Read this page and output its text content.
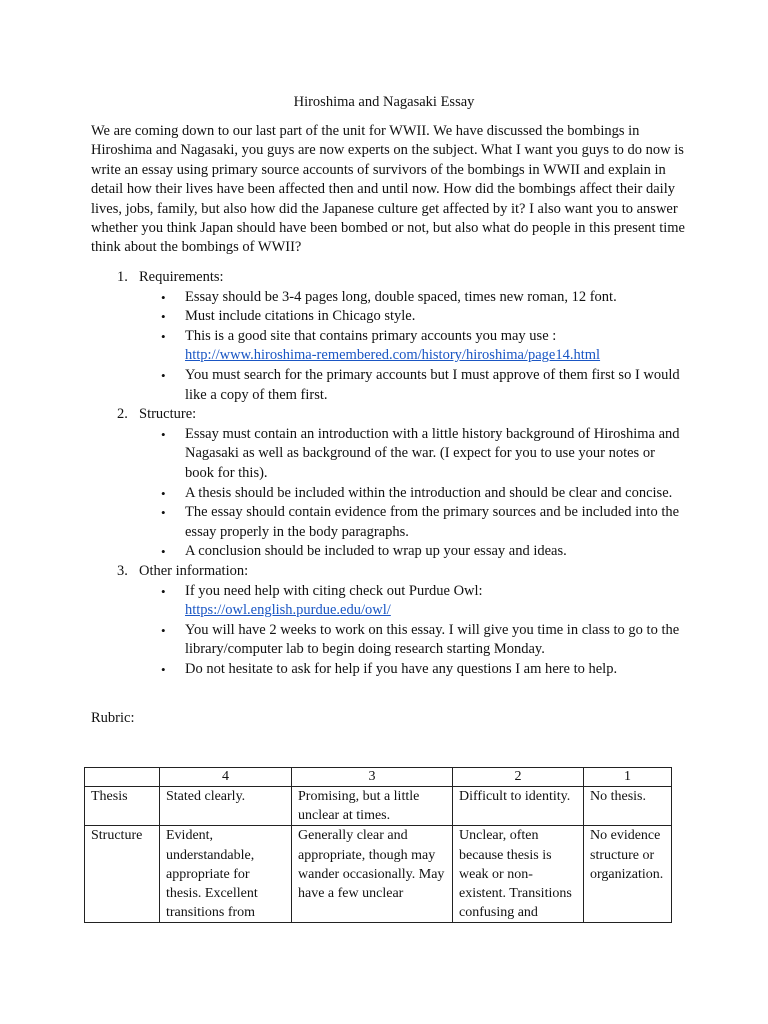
Hiroshima and Nagasaki Essay

We are coming down to our last part of the unit for WWII. We have discussed the bombings in Hiroshima and Nagasaki, you guys are now experts on the subject. What I want you guys to do now is write an essay using primary source accounts of survivors of the bombings in WWII and explain in detail how their lives have been affected then and until now. How did the bombings affect their daily lives, jobs, family, but also how did the Japanese culture get affected by it? I also want you to answer whether you think Japan should have been bombed or not, but also what do people in this present time think about the bombings of WWII?

1. Requirements:
• Essay should be 3-4 pages long, double spaced, times new roman, 12 font.
• Must include citations in Chicago style.
• This is a good site that contains primary accounts you may use :
http://www.hiroshima-remembered.com/history/hiroshima/page14.html
• You must search for the primary accounts but I must approve of them first so I would like a copy of them first.
2. Structure:
• Essay must contain an introduction with a little history background of Hiroshima and Nagasaki as well as background of the war. (I expect for you to use your notes or book for this).
• A thesis should be included within the introduction and should be clear and concise.
• The essay should contain evidence from the primary sources and be included into the essay properly in the body paragraphs.
• A conclusion should be included to wrap up your essay and ideas.
3. Other information:
• If you need help with citing check out Purdue Owl:
https://owl.english.purdue.edu/owl/
• You will have 2 weeks to work on this essay. I will give you time in class to go to the library/computer lab to begin doing research starting Monday.
• Do not hesitate to ask for help if you have any questions I am here to help.
Rubric:
	4	3	2	1
Thesis	Stated clearly.	Promising, but a little unclear at times.	Difficult to identity.	No thesis.
Structure	Evident, understandable, appropriate for thesis. Excellent transitions from	Generally clear and appropriate, though may wander occasionally. May have a few unclear	Unclear, often because thesis is weak or non-existent. Transitions confusing and	No evidence structure or organization.
